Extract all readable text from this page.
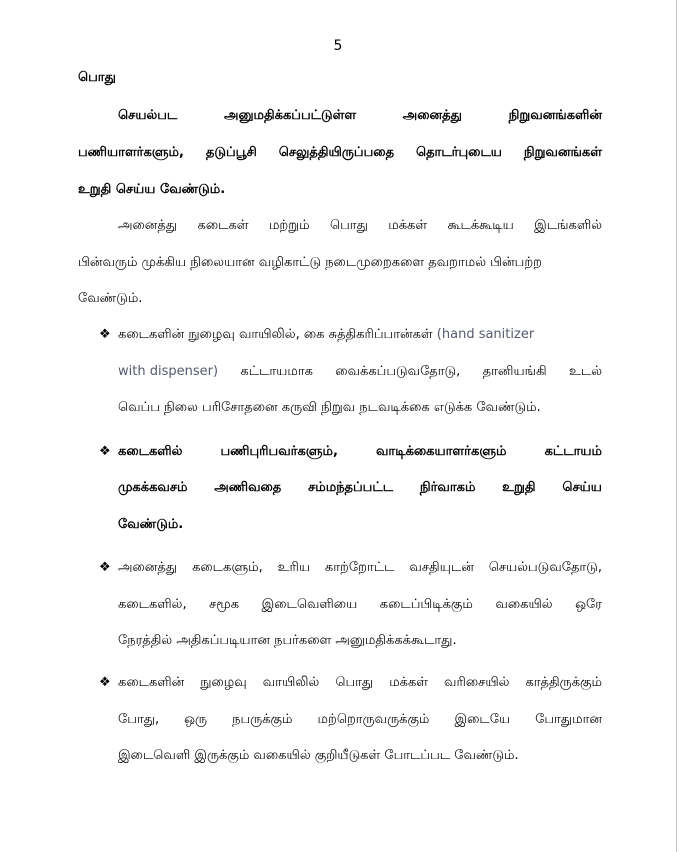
5
பொது
செயல்பட	அனுமதிக்கப்பட்டுள்ள	அனைத்து	நிறுவனங்களின்
பணியாளர்களும், தடுப்பூசி செலுத்தியிருப்பதை தொடர்புடைய நிறுவனங்கள்
உறுதி செய்ய வேண்டும்.
அனைத்து கடைகள் மற்றும் பொது மக்கள் கூடக்கூடிய இடங்களில்
பின்வரும் முக்கிய நிலையான வழிகாட்டு நடைமுறைகளை தவறாமல் பின்பற்ற
வேண்டும்.
❖ கடைகளின் நுழைவு வாயிலில், கை சுத்திகரிப்பான்கள் (hand sanitizer
with dispenser) கட்டாயமாக வைக்கப்படுவதோடு, தானியங்கி உடல்
வெப்ப நிலை பரிசோதனை கருவி நிறுவ நடவடிக்கை எடுக்க வேண்டும்.
❖ கடைகளில்	பணிபுரிபவர்களும்,	வாடிக்கையாளர்களும்	கட்டாயம்
முகக்கவசம் அணிவதை சம்மந்தப்பட்ட நிர்வாகம் உறுதி செய்ய
வேண்டும்.
❖ அனைத்து கடைகளும், உரிய காற்றோட்ட வசதியுடன் செயல்படுவதோடு,
கடைகளில், சமூக இடைவெளியை கடைப்பிடிக்கும் வகையில் ஒரே
நேரத்தில் அதிகப்படியான நபர்களை அனுமதிக்கக்கூடாது.
❖ கடைகளின் நுழைவு வாயிலில் பொது மக்கள் வரிசையில் காத்திருக்கும்
போது, ஒரு நபருக்கும் மற்றொருவருக்கும் இடையே போதுமான
இடைவெளி இருக்கும் வகையில் குறியீடுகள் போடப்பட வேண்டும்.
